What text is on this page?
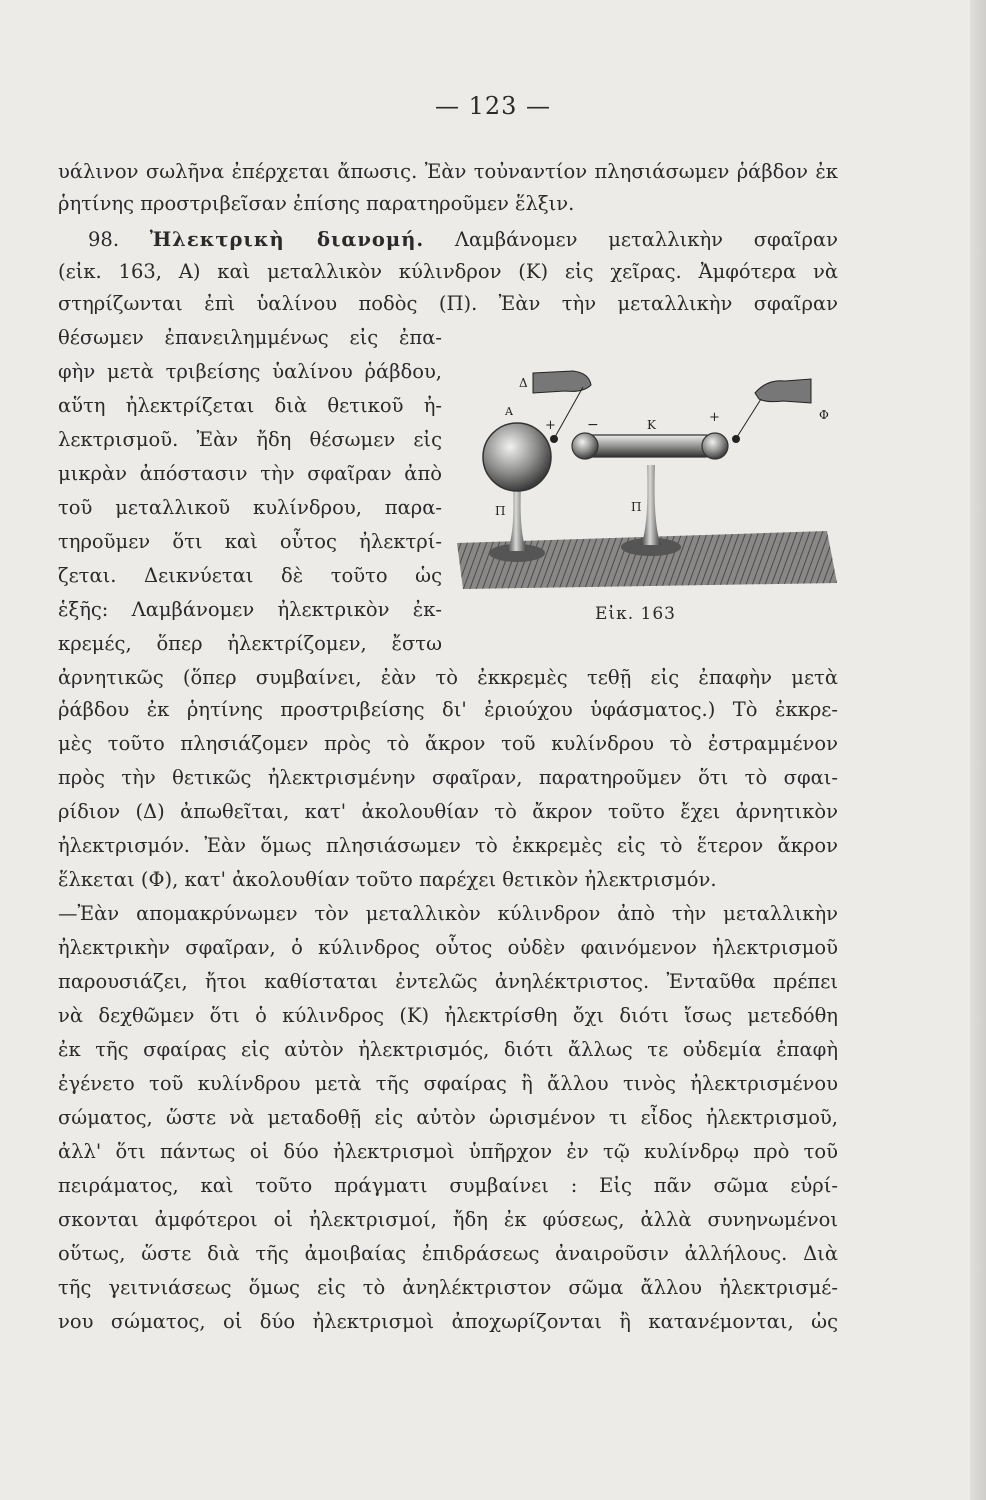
— 123 —
υάλινον σωλῆνα ἐπέρχεται ἄπωσις. Ἐὰν τοὐναντίον πλησιάσωμεν ῥάβδον ἐκ
ῥητίνης προστριβεῖσαν ἐπίσης παρατηροῦμεν ἕλξιν.
98. Ἠλεκτρικὴ διανομή. Λαμβάνομεν μεταλλικὴν σφαῖραν
(εἰκ. 163, Α) καὶ μεταλλικὸν κύλινδρον (Κ) εἰς χεῖρας. Ἀμφότερα νὰ
στηρίζωνται ἐπὶ ὑαλίνου ποδὸς (Π). Ἐὰν τὴν μεταλλικὴν σφαῖραν
θέσωμεν ἐπανειλημμένως εἰς ἐπα-
φὴν μετὰ τριβείσης ὑαλίνου ῥάβδου,
αὕτη ἠλεκτρίζεται διὰ θετικοῦ ἠ-
λεκτρισμοῦ. Ἐὰν ἤδη θέσωμεν εἰς
μικρὰν ἀπόστασιν τὴν σφαῖραν ἀπὸ
τοῦ μεταλλικοῦ κυλίνδρου, παρα-
τηροῦμεν ὅτι καὶ οὗτος ἠλεκτρί-
ζεται. Δεικνύεται δὲ τοῦτο ὡς
ἑξῆς: Λαμβάνομεν ἠλεκτρικὸν ἐκ-
κρεμές, ὅπερ ἠλεκτρίζομεν, ἔστω
Δ
Α	Φ
Κ
Π	Π
+ −	+
Εἰκ. 163
ἀρνητικῶς (ὅπερ συμβαίνει, ἐὰν τὸ ἐκκρεμὲς τεθῇ εἰς ἐπαφὴν μετὰ
ῥάβδου ἐκ ῥητίνης προστριβείσης δι' ἐριούχου ὑφάσματος.) Τὸ ἐκκρε-
μὲς τοῦτο πλησιάζομεν πρὸς τὸ ἄκρον τοῦ κυλίνδρου τὸ ἐστραμμένον
πρὸς τὴν θετικῶς ἠλεκτρισμένην σφαῖραν, παρατηροῦμεν ὅτι τὸ σφαι-
ρίδιον (Δ) ἀπωθεῖται, κατ' ἀκολουθίαν τὸ ἄκρον τοῦτο ἔχει ἀρνητικὸν
ἠλεκτρισμόν. Ἐὰν ὅμως πλησιάσωμεν τὸ ἐκκρεμὲς εἰς τὸ ἕτερον ἄκρον
ἕλκεται (Φ), κατ' ἀκολουθίαν τοῦτο παρέχει θετικὸν ἠλεκτρισμόν.
—Ἐὰν απομακρύνωμεν τὸν μεταλλικὸν κύλινδρον ἀπὸ τὴν μεταλλικὴν
ἠλεκτρικὴν σφαῖραν, ὁ κύλινδρος οὗτος οὐδὲν φαινόμενον ἠλεκτρισμοῦ
παρουσιάζει, ἤτοι καθίσταται ἐντελῶς ἀνηλέκτριστος. Ἐνταῦθα πρέπει
νὰ δεχθῶμεν ὅτι ὁ κύλινδρος (Κ) ἠλεκτρίσθη ὄχι διότι ἴσως μετεδόθη
ἐκ τῆς σφαίρας εἰς αὐτὸν ἠλεκτρισμός, διότι ἄλλως τε οὐδεμία ἐπαφὴ
ἐγένετο τοῦ κυλίνδρου μετὰ τῆς σφαίρας ἢ ἄλλου τινὸς ἠλεκτρισμένου
σώματος, ὥστε νὰ μεταδοθῇ εἰς αὐτὸν ὡρισμένον τι εἶδος ἠλεκτρισμοῦ,
ἀλλ' ὅτι πάντως οἱ δύο ἠλεκτρισμοὶ ὑπῆρχον ἐν τῷ κυλίνδρῳ πρὸ τοῦ
πειράματος, καὶ τοῦτο πράγματι συμβαίνει : Εἰς πᾶν σῶμα εὑρί-
σκονται ἀμφότεροι οἱ ἠλεκτρισμοί, ἤδη ἐκ φύσεως, ἀλλὰ συνηνωμένοι
οὕτως, ὥστε διὰ τῆς ἀμοιβαίας ἐπιδράσεως ἀναιροῦσιν ἀλλήλους. Διὰ
τῆς γειτνιάσεως ὅμως εἰς τὸ ἀνηλέκτριστον σῶμα ἄλλου ἠλεκτρισμέ-
νου σώματος, οἱ δύο ἠλεκτρισμοὶ ἀποχωρίζονται ἢ κατανέμονται, ὡς
